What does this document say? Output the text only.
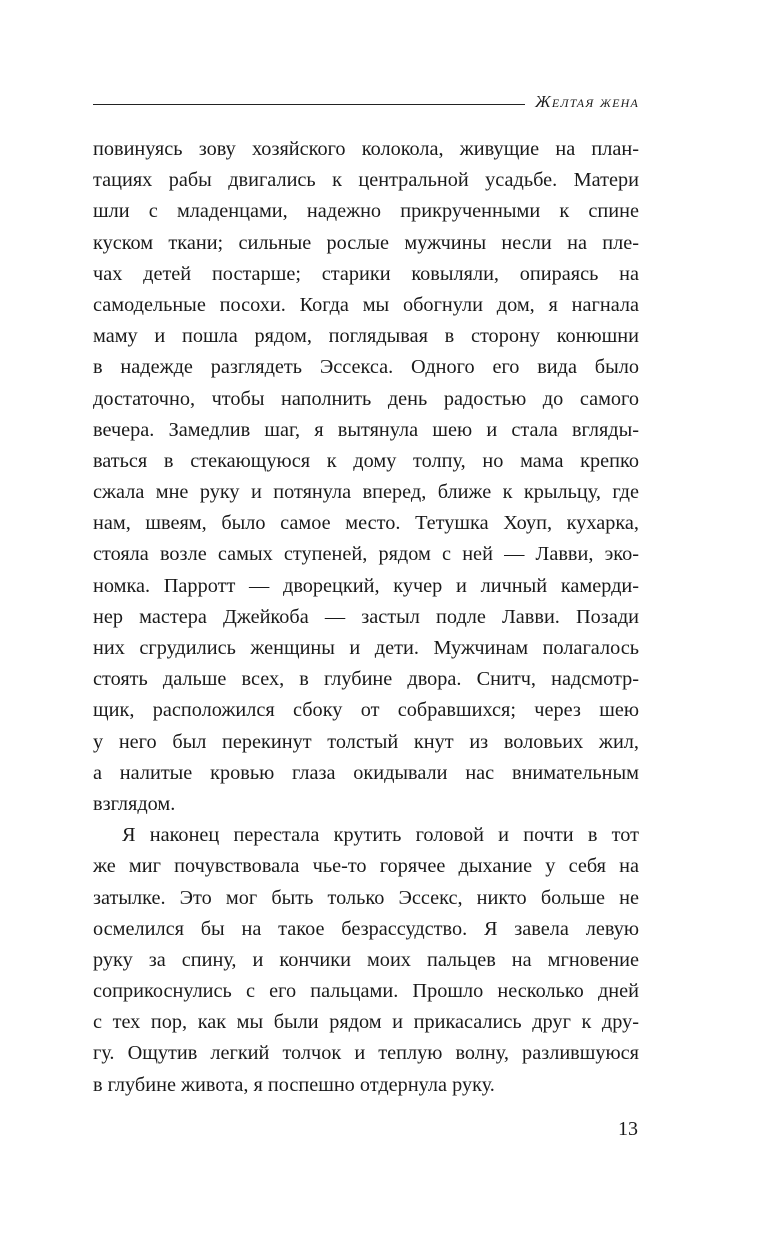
Желтая жена
повинуясь зову хозяйского колокола, живущие на план-
тациях рабы двигались к центральной усадьбе. Матери
шли с младенцами, надежно прикрученными к спине
куском ткани; сильные рослые мужчины несли на пле-
чах детей постарше; старики ковыляли, опираясь на
самодельные посохи. Когда мы обогнули дом, я нагнала
маму и пошла рядом, поглядывая в сторону конюшни
в надежде разглядеть Эссекса. Одного его вида было
достаточно, чтобы наполнить день радостью до самого
вечера. Замедлив шаг, я вытянула шею и стала вгляды-
ваться в стекающуюся к дому толпу, но мама крепко
сжала мне руку и потянула вперед, ближе к крыльцу, где
нам, швеям, было самое место. Тетушка Хоуп, кухарка,
стояла возле самых ступеней, рядом с ней — Лавви, эко-
номка. Парротт — дворецкий, кучер и личный камерди-
нер мастера Джейкоба — застыл подле Лавви. Позади
них сгрудились женщины и дети. Мужчинам полагалось
стоять дальше всех, в глубине двора. Снитч, надсмотр-
щик, расположился сбоку от собравшихся; через шею
у него был перекинут толстый кнут из воловьих жил,
а налитые кровью глаза окидывали нас внимательным
взглядом.
Я наконец перестала крутить головой и почти в тот
же миг почувствовала чье-то горячее дыхание у себя на
затылке. Это мог быть только Эссекс, никто больше не
осмелился бы на такое безрассудство. Я завела левую
руку за спину, и кончики моих пальцев на мгновение
соприкоснулись с его пальцами. Прошло несколько дней
с тех пор, как мы были рядом и прикасались друг к дру-
гу. Ощутив легкий толчок и теплую волну, разлившуюся
в глубине живота, я поспешно отдернула руку.
13
